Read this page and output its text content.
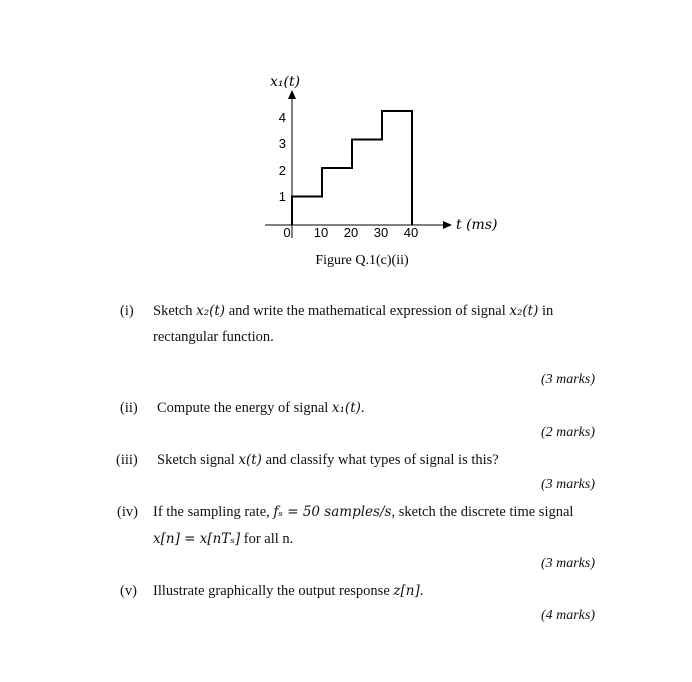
x₁(t)
t (ms)
4
3
2
1
0 10 20 30 40
Figure Q.1(c)(ii)
(i) Sketch x₂(t) and write the mathematical expression of signal x₂(t) in
rectangular function.
(3 marks)
(ii) Compute the energy of signal x₁(t).
(2 marks)
(iii) Sketch signal x(t) and classify what types of signal is this?
(3 marks)
(iv) If the sampling rate, fₛ = 50 samples/s, sketch the discrete time signal
x[n] = x[nTₛ] for all n.
(3 marks)
(v) Illustrate graphically the output response z[n].
(4 marks)
